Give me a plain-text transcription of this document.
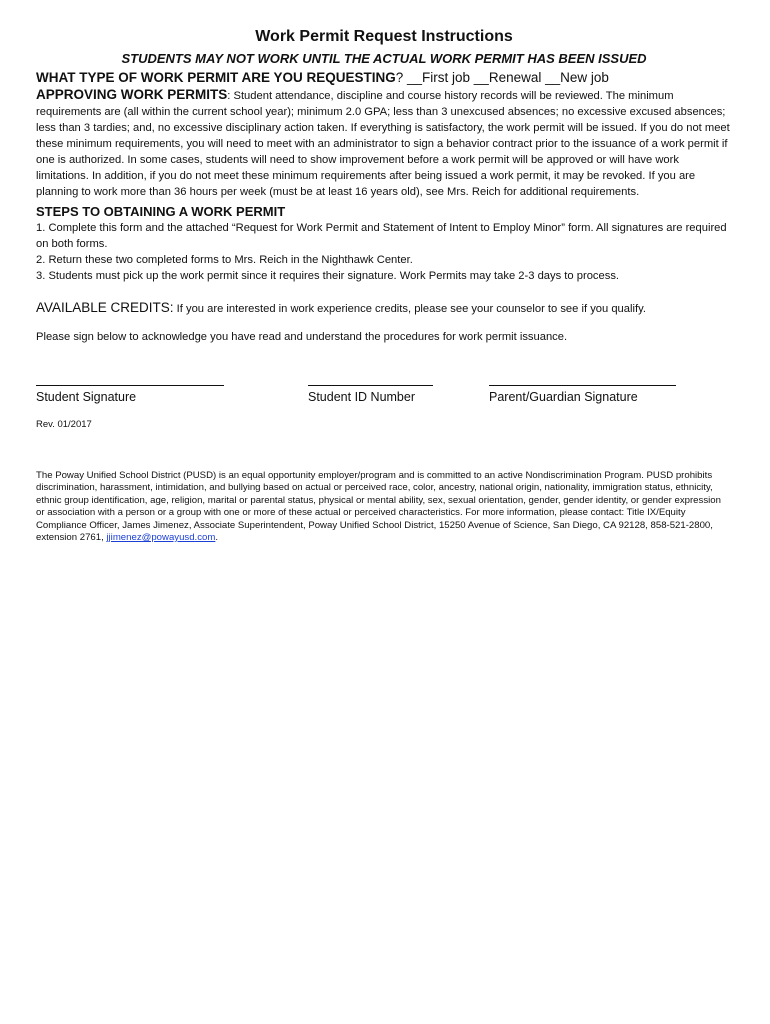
Work Permit Request Instructions
STUDENTS MAY NOT WORK UNTIL THE ACTUAL WORK PERMIT HAS BEEN ISSUED
WHAT TYPE OF WORK PERMIT ARE YOU REQUESTING? __First job __Renewal __New job

APPROVING WORK PERMITS: Student attendance, discipline and course history records will be reviewed. The minimum requirements are (all within the current school year); minimum 2.0 GPA; less than 3 unexcused absences; no excessive excused absences; less than 3 tardies; and, no excessive disciplinary action taken. If everything is satisfactory, the work permit will be issued. If you do not meet these minimum requirements, you will need to meet with an administrator to sign a behavior contract prior to the issuance of a work permit if one is authorized. In some cases, students will need to show improvement before a work permit will be approved or will have work limitations. In addition, if you do not meet these minimum requirements after being issued a work permit, it may be revoked. If you are planning to work more than 36 hours per week (must be at least 16 years old), see Mrs. Reich for additional requirements.

STEPS TO OBTAINING A WORK PERMIT

1. Complete this form and the attached “Request for Work Permit and Statement of Intent to Employ Minor” form. All signatures are required on both forms.

2. Return these two completed forms to Mrs. Reich in the Nighthawk Center.

3. Students must pick up the work permit since it requires their signature. Work Permits may take 2-3 days to process.

AVAILABLE CREDITS: If you are interested in work experience credits, please see your counselor to see if you qualify.

Please sign below to acknowledge you have read and understand the procedures for work permit issuance.

Student Signature	Student ID Number	Parent/Guardian Signature

Rev. 01/2017

The Poway Unified School District (PUSD) is an equal opportunity employer/program and is committed to an active Nondiscrimination Program. PUSD prohibits discrimination, harassment, intimidation, and bullying based on actual or perceived race, color, ancestry, national origin, nationality, immigration status, ethnicity, ethnic group identification, age, religion, marital or parental status, physical or mental ability, sex, sexual orientation, gender, gender identity, or gender expression or association with a person or a group with one or more of these actual or perceived characteristics. For more information, please contact: Title IX/Equity Compliance Officer, James Jimenez, Associate Superintendent, Poway Unified School District, 15250 Avenue of Science, San Diego, CA 92128, 858-521-2800, extension 2761, jjimenez@powayusd.com.
